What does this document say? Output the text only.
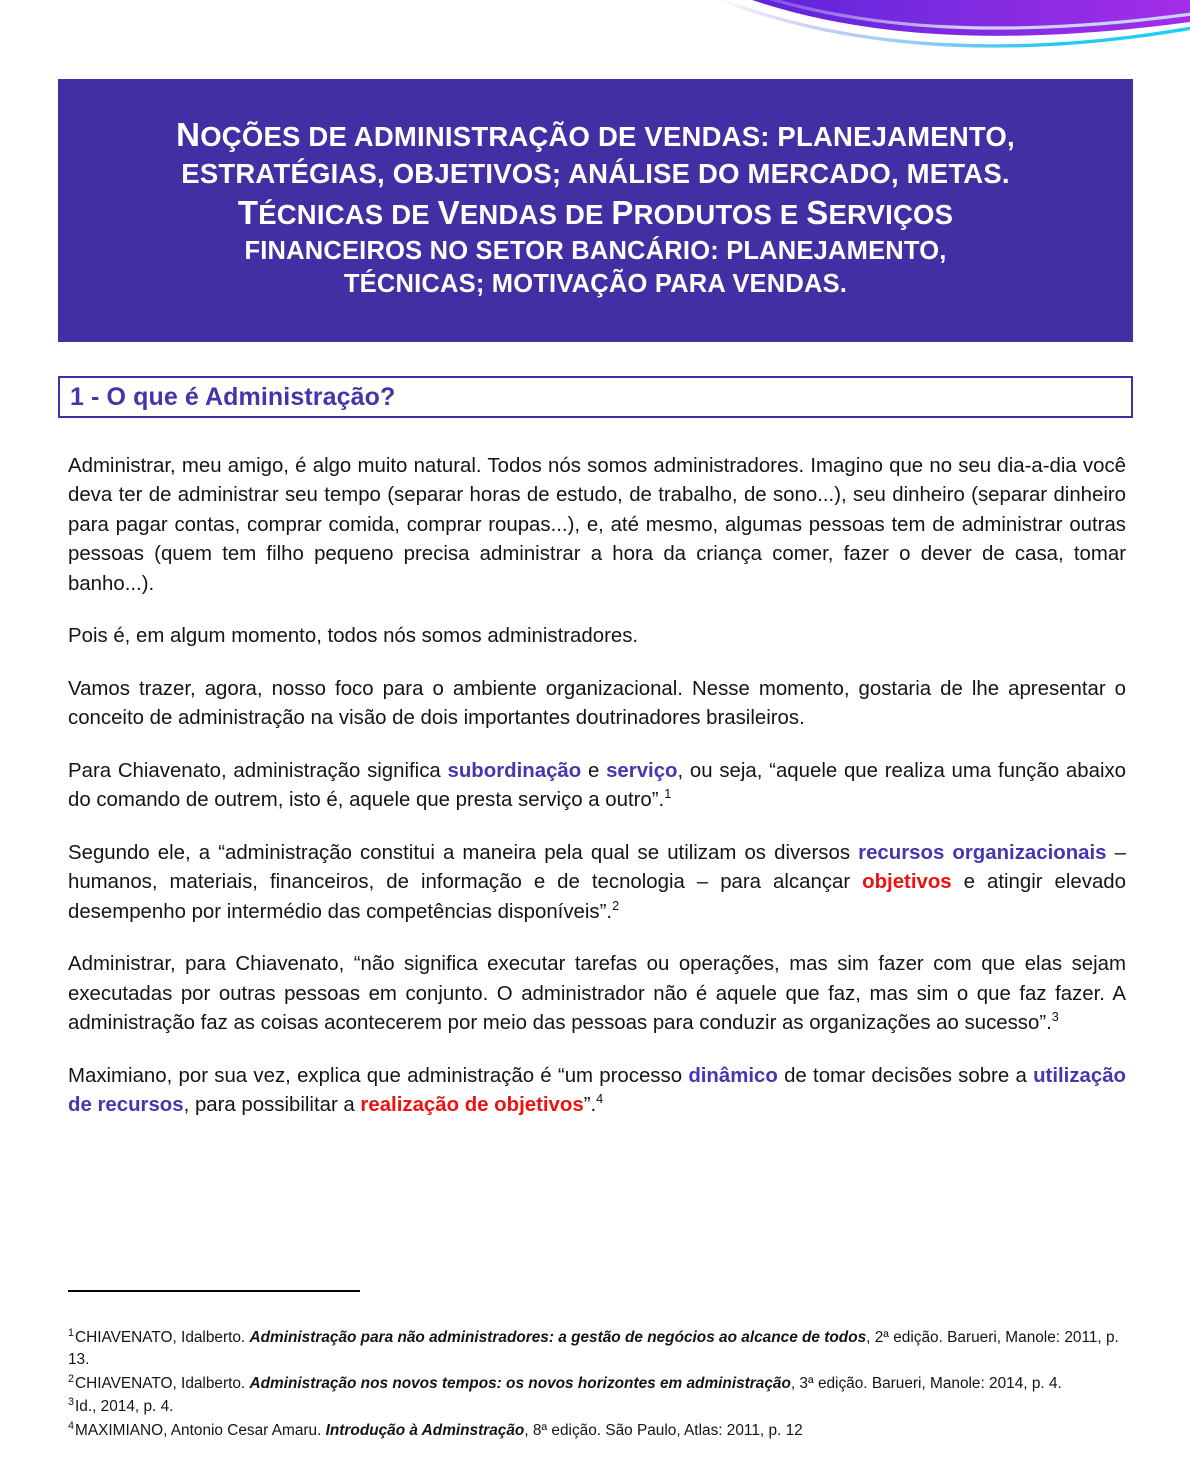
NOÇÕES DE ADMINISTRAÇÃO DE VENDAS: PLANEJAMENTO,
ESTRATÉGIAS, OBJETIVOS; ANÁLISE DO MERCADO, METAS.
TÉCNICAS DE VENDAS DE PRODUTOS E SERVIÇOS
FINANCEIROS NO SETOR BANCÁRIO: PLANEJAMENTO,
TÉCNICAS; MOTIVAÇÃO PARA VENDAS.
1 - O que é Administração?

Administrar, meu amigo, é algo muito natural. Todos nós somos administradores. Imagino que no seu dia-a-dia você deva ter de administrar seu tempo (separar horas de estudo, de trabalho, de sono...), seu dinheiro (separar dinheiro para pagar contas, comprar comida, comprar roupas...), e, até mesmo, algumas pessoas tem de administrar outras pessoas (quem tem filho pequeno precisa administrar a hora da criança comer, fazer o dever de casa, tomar banho...).

Pois é, em algum momento, todos nós somos administradores.

Vamos trazer, agora, nosso foco para o ambiente organizacional. Nesse momento, gostaria de lhe apresentar o conceito de administração na visão de dois importantes doutrinadores brasileiros.

Para Chiavenato, administração significa subordinação e serviço, ou seja, “aquele que realiza uma função abaixo do comando de outrem, isto é, aquele que presta serviço a outro”.$^1$

Segundo ele, a “administração constitui a maneira pela qual se utilizam os diversos recursos organizacionais – humanos, materiais, financeiros, de informação e de tecnologia – para alcançar objetivos e atingir elevado desempenho por intermédio das competências disponíveis”.$^2$

Administrar, para Chiavenato, “não significa executar tarefas ou operações, mas sim fazer com que elas sejam executadas por outras pessoas em conjunto. O administrador não é aquele que faz, mas sim o que faz fazer. A administração faz as coisas acontecerem por meio das pessoas para conduzir as organizações ao sucesso”.$^3$

Maximiano, por sua vez, explica que administração é “um processo dinâmico de tomar decisões sobre a utilização de recursos, para possibilitar a realização de objetivos”.$^4$

$^1$CHIAVENATO, Idalberto. Administração para não administradores: a gestão de negócios ao alcance de todos, 2ª edição. Barueri, Manole: 2011, p. 13.

$^2$CHIAVENATO, Idalberto. Administração nos novos tempos: os novos horizontes em administração, 3ª edição. Barueri, Manole: 2014, p. 4.

$^3$Id., 2014, p. 4.

$^4$MAXIMIANO, Antonio Cesar Amaru. Introdução à Adminstração, 8ª edição. São Paulo, Atlas: 2011, p. 12
